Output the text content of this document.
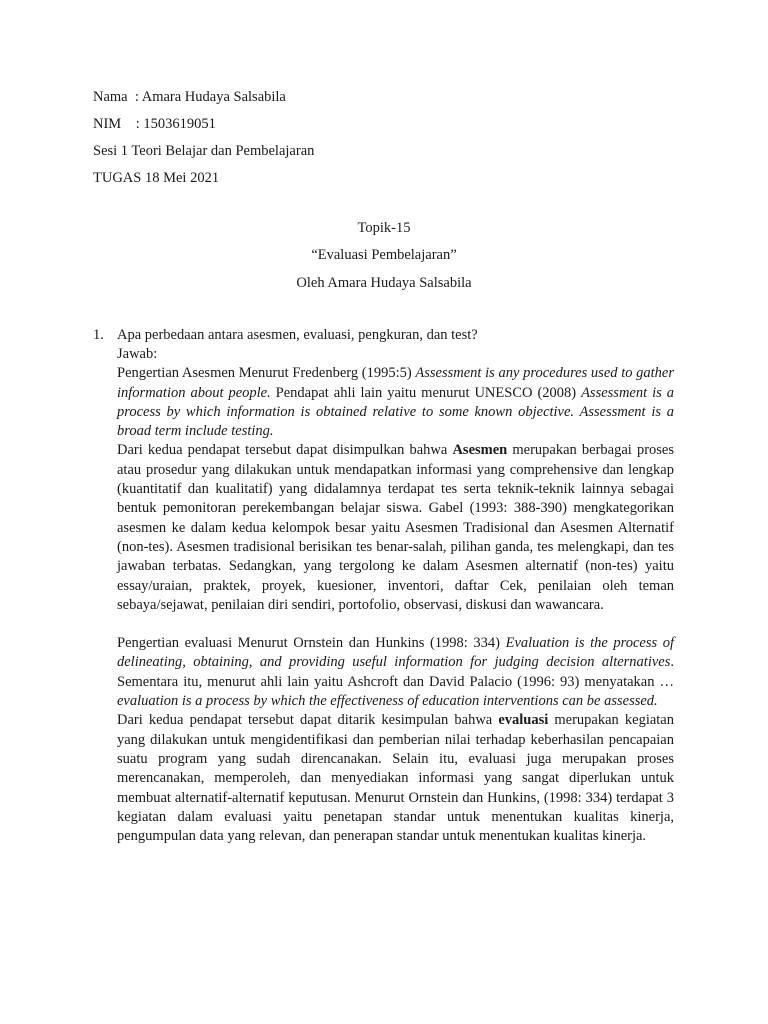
Nama  : Amara Hudaya Salsabila
NIM    : 1503619051
Sesi 1 Teori Belajar dan Pembelajaran
TUGAS 18 Mei 2021
Topik-15
“Evaluasi Pembelajaran”
Oleh Amara Hudaya Salsabila
1. Apa perbedaan antara asesmen, evaluasi, pengkuran, dan test?

Jawab:

Pengertian Asesmen Menurut Fredenberg (1995:5) Assessment is any procedures used to gather information about people. Pendapat ahli lain yaitu menurut UNESCO (2008) Assessment is a process by which information is obtained relative to some known objective. Assessment is a broad term include testing.

Dari kedua pendapat tersebut dapat disimpulkan bahwa Asesmen merupakan berbagai proses atau prosedur yang dilakukan untuk mendapatkan informasi yang comprehensive dan lengkap (kuantitatif dan kualitatif) yang didalamnya terdapat tes serta teknik-teknik lainnya sebagai bentuk pemonitoran perekembangan belajar siswa. Gabel (1993: 388-390) mengkategorikan asesmen ke dalam kedua kelompok besar yaitu Asesmen Tradisional dan Asesmen Alternatif (non-tes). Asesmen tradisional berisikan tes benar-salah, pilihan ganda, tes melengkapi, dan tes jawaban terbatas. Sedangkan, yang tergolong ke dalam Asesmen alternatif (non-tes) yaitu essay/uraian, praktek, proyek, kuesioner, inventori, daftar Cek, penilaian oleh teman sebaya/sejawat, penilaian diri sendiri, portofolio, observasi, diskusi dan wawancara.

Pengertian evaluasi Menurut Ornstein dan Hunkins (1998: 334) Evaluation is the process of delineating, obtaining, and providing useful information for judging decision alternatives. Sementara itu, menurut ahli lain yaitu Ashcroft dan David Palacio (1996: 93) menyatakan …evaluation is a process by which the effectiveness of education interventions can be assessed.

Dari kedua pendapat tersebut dapat ditarik kesimpulan bahwa evaluasi merupakan kegiatan yang dilakukan untuk mengidentifikasi dan pemberian nilai terhadap keberhasilan pencapaian suatu program yang sudah direncanakan. Selain itu, evaluasi juga merupakan proses merencanakan, memperoleh, dan menyediakan informasi yang sangat diperlukan untuk membuat alternatif-alternatif keputusan. Menurut Ornstein dan Hunkins, (1998: 334) terdapat 3 kegiatan dalam evaluasi yaitu penetapan standar untuk menentukan kualitas kinerja, pengumpulan data yang relevan, dan penerapan standar untuk menentukan kualitas kinerja.
